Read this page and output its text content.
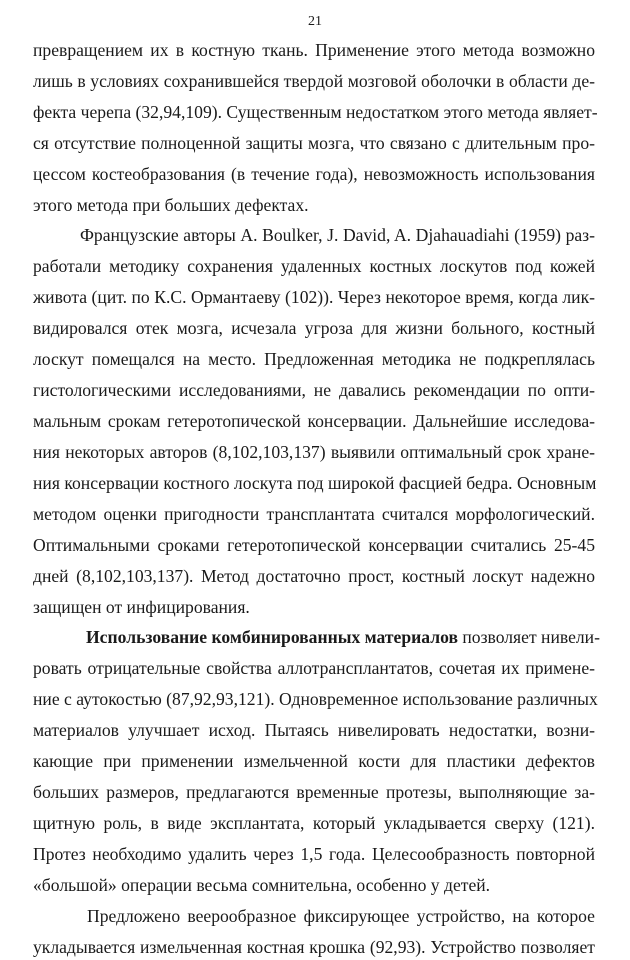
21
превращением их в костную ткань. Применение этого метода возможно
лишь в условиях сохранившейся твердой мозговой оболочки в области де-
фекта черепа (32,94,109). Существенным недостатком этого метода являет-
ся отсутствие полноценной защиты мозга, что связано с длительным про-
цессом костеобразования (в течение года), невозможность использования
этого метода при больших дефектах.
Французские авторы A. Boulker, J. David, A. Djahauadiahi (1959) раз-
работали методику сохранения удаленных костных лоскутов под кожей
живота (цит. по К.С. Ормантаеву (102)). Через некоторое время, когда лик-
видировался отек мозга, исчезала угроза для жизни больного, костный
лоскут помещался на место. Предложенная методика не подкреплялась
гистологическими исследованиями, не давались рекомендации по опти-
мальным срокам гетеротопической консервации. Дальнейшие исследова-
ния некоторых авторов (8,102,103,137) выявили оптимальный срок хране-
ния консервации костного лоскута под широкой фасцией бедра. Основным
методом оценки пригодности трансплантата считался морфологический.
Оптимальными сроками гетеротопической консервации считались 25-45
дней (8,102,103,137). Метод достаточно прост, костный лоскут надежно
защищен от инфицирования.
Использование комбинированных материалов позволяет нивели-
ровать отрицательные свойства аллотрансплантатов, сочетая их примене-
ние с аутокостью (87,92,93,121). Одновременное использование различных
материалов улучшает исход. Пытаясь нивелировать недостатки, возни-
кающие при применении измельченной кости для пластики дефектов
больших размеров, предлагаются временные протезы, выполняющие за-
щитную роль, в виде эксплантата, который укладывается сверху (121).
Протез необходимо удалить через 1,5 года. Целесообразность повторной
«большой» операции весьма сомнительна, особенно у детей.
Предложено веерообразное фиксирующее устройство, на которое
укладывается измельченная костная крошка (92,93). Устройство позволяет
